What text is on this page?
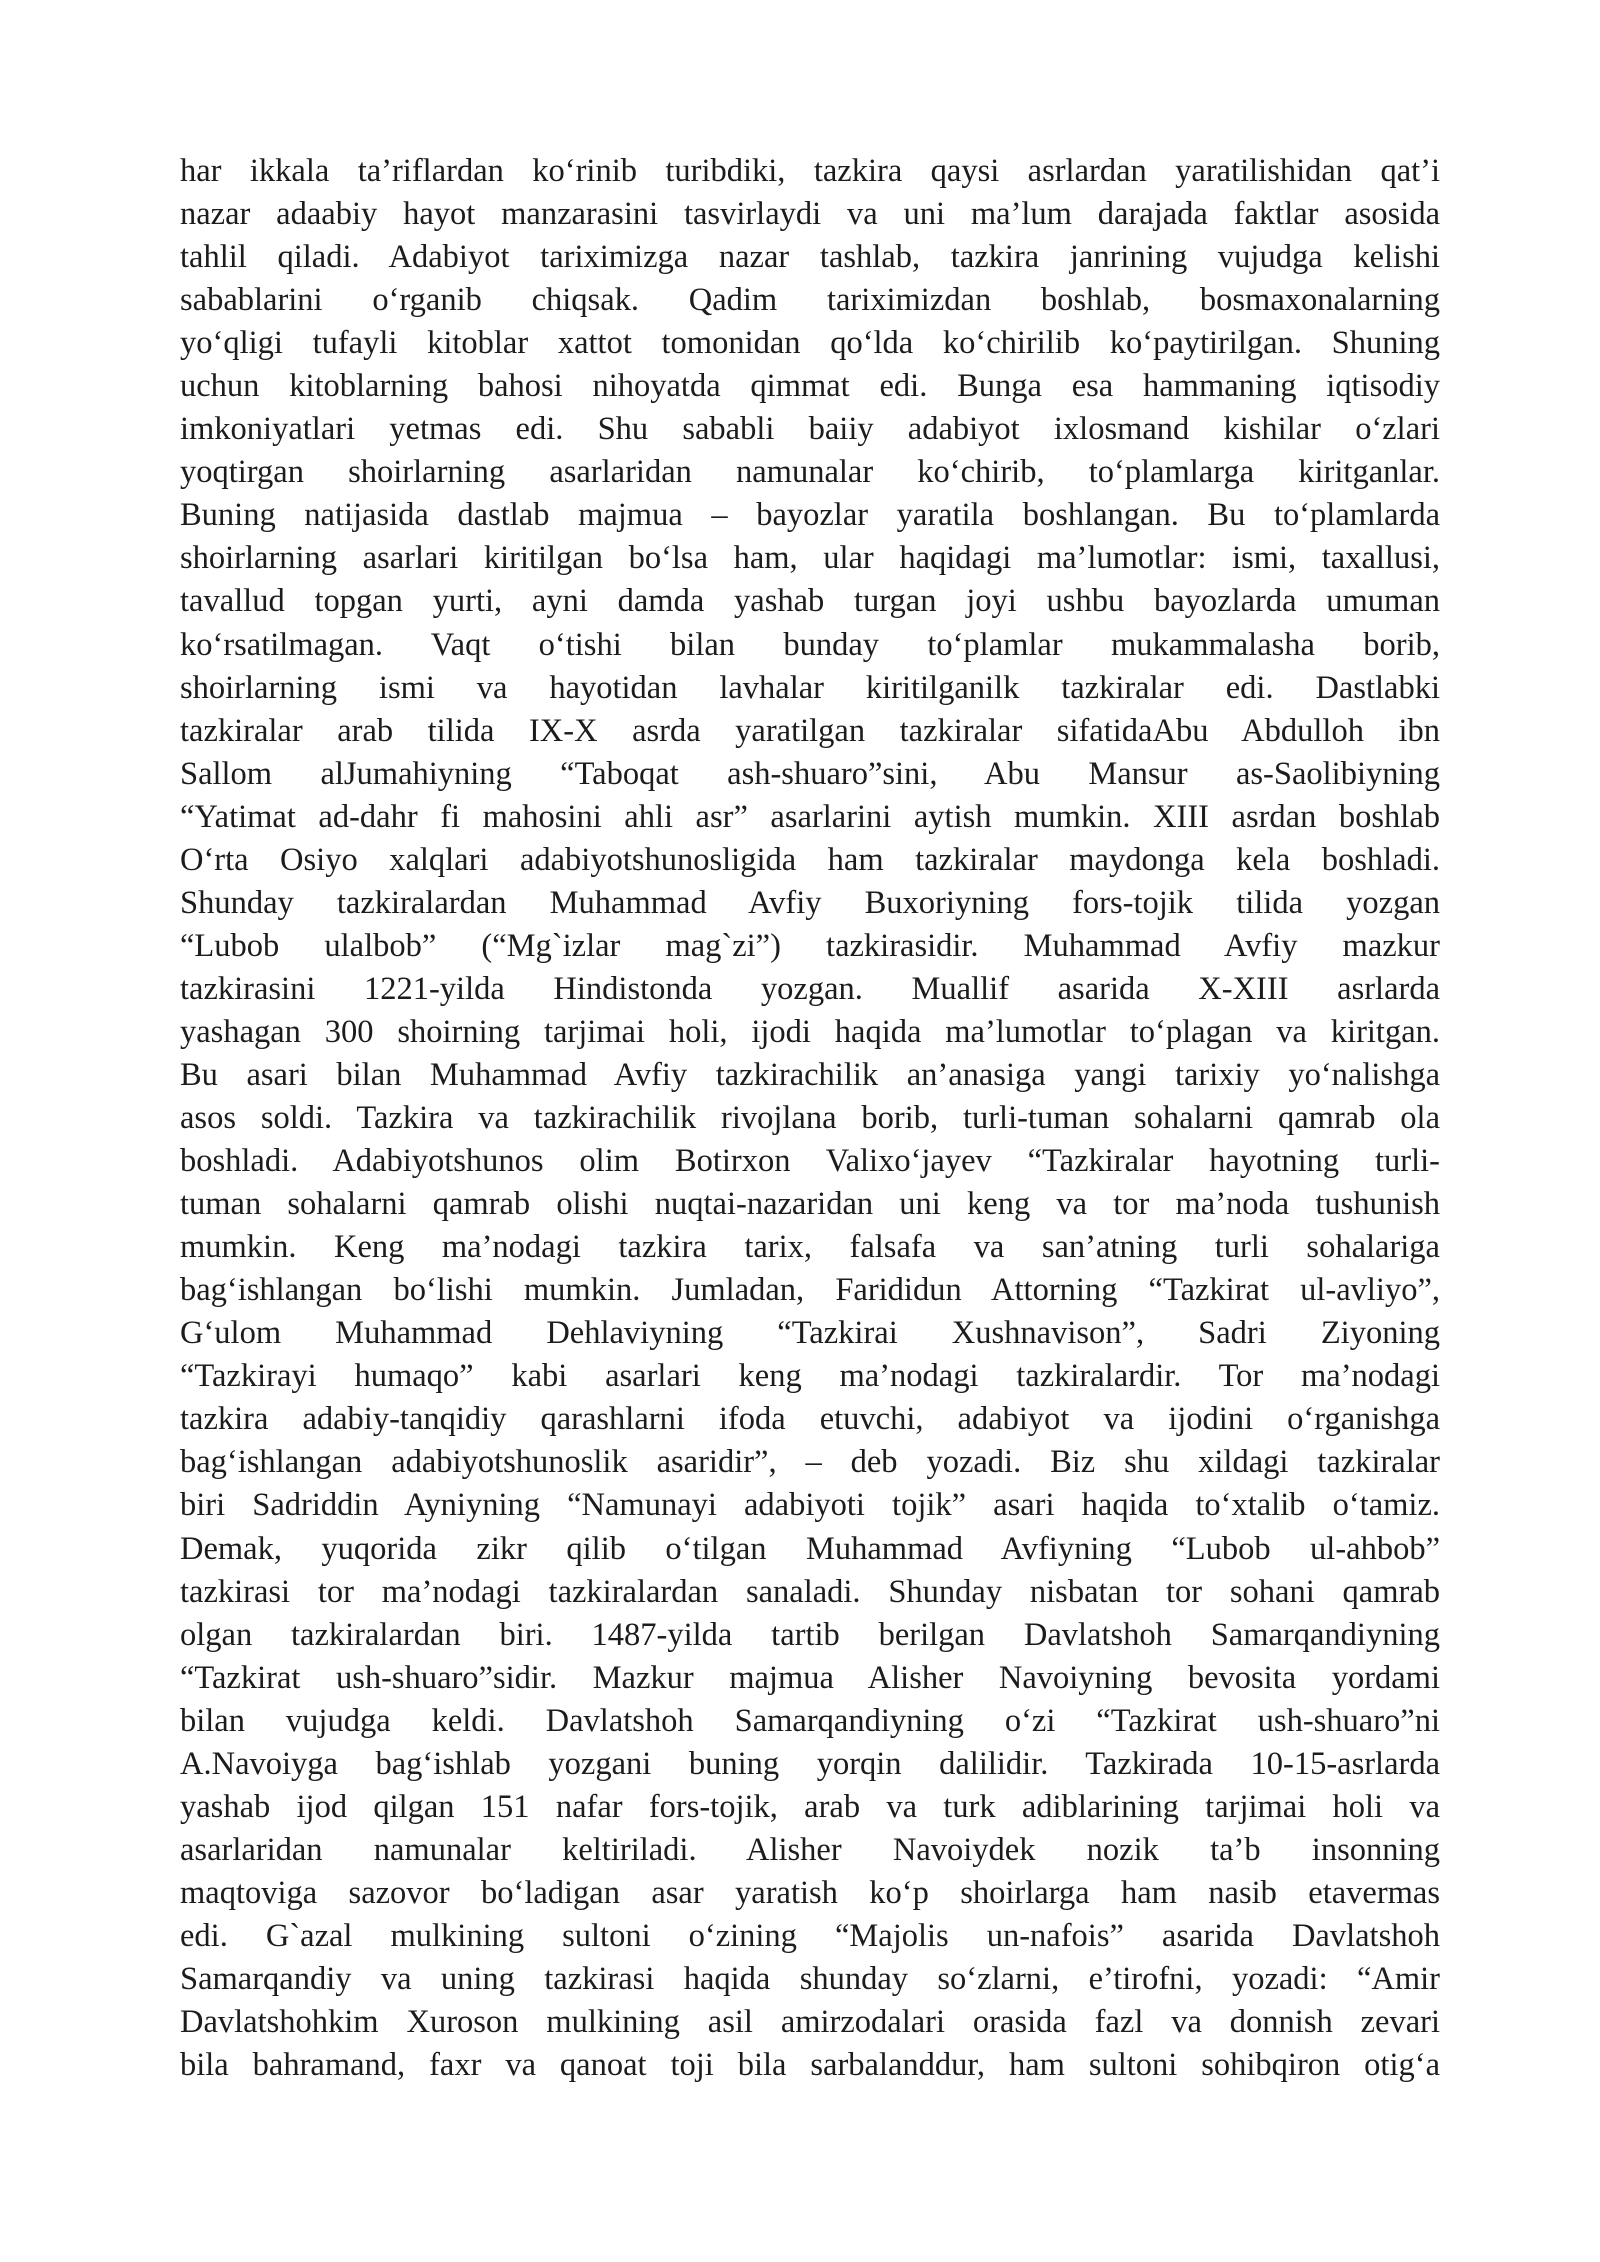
har ikkala ta’riflardan ko‘rinib turibdiki, tazkira qaysi asrlardan yaratilishidan qat’i
nazar adaabiy hayot manzarasini tasvirlaydi va uni ma’lum darajada faktlar asosida
tahlil qiladi. Adabiyot tariximizga nazar tashlab, tazkira janrining vujudga kelishi
sabablarini o‘rganib chiqsak. Qadim tariximizdan boshlab, bosmaxonalarning
yo‘qligi tufayli kitoblar xattot tomonidan qo‘lda ko‘chirilib ko‘paytirilgan. Shuning
uchun kitoblarning bahosi nihoyatda qimmat edi. Bunga esa hammaning iqtisodiy
imkoniyatlari yetmas edi. Shu sababli baiiy adabiyot ixlosmand kishilar o‘zlari
yoqtirgan shoirlarning asarlaridan namunalar ko‘chirib, to‘plamlarga kiritganlar.
Buning natijasida dastlab majmua – bayozlar yaratila boshlangan. Bu to‘plamlarda
shoirlarning asarlari kiritilgan bo‘lsa ham, ular haqidagi ma’lumotlar: ismi, taxallusi,
tavallud topgan yurti, ayni damda yashab turgan joyi ushbu bayozlarda umuman
ko‘rsatilmagan. Vaqt o‘tishi bilan bunday to‘plamlar mukammalasha borib,
shoirlarning ismi va hayotidan lavhalar kiritilganilk tazkiralar edi. Dastlabki
tazkiralar arab tilida IX-X asrda yaratilgan tazkiralar sifatidaAbu Abdulloh ibn
Sallom alJumahiyning “Taboqat ash-shuaro”sini, Abu Mansur as-Saolibiyning
“Yatimat ad-dahr fi mahosini ahli asr” asarlarini aytish mumkin. XIII asrdan boshlab
O‘rta Osiyo xalqlari adabiyotshunosligida ham tazkiralar maydonga kela boshladi.
Shunday tazkiralardan Muhammad Avfiy Buxoriyning fors-tojik tilida yozgan
“Lubob ulalbob” (“Mg`izlar mag`zi”) tazkirasidir. Muhammad Avfiy mazkur
tazkirasini 1221-yilda Hindistonda yozgan. Muallif asarida X-XIII asrlarda
yashagan 300 shoirning tarjimai holi, ijodi haqida ma’lumotlar to‘plagan va kiritgan.
Bu asari bilan Muhammad Avfiy tazkirachilik an’anasiga yangi tarixiy yo‘nalishga
asos soldi. Tazkira va tazkirachilik rivojlana borib, turli-tuman sohalarni qamrab ola
boshladi. Adabiyotshunos olim Botirxon Valixo‘jayev “Tazkiralar hayotning turli-
tuman sohalarni qamrab olishi nuqtai-nazaridan uni keng va tor ma’noda tushunish
mumkin. Keng ma’nodagi tazkira tarix, falsafa va san’atning turli sohalariga
bag‘ishlangan bo‘lishi mumkin. Jumladan, Farididun Attorning “Tazkirat ul-avliyo”,
G‘ulom Muhammad Dehlaviyning “Tazkirai Xushnavison”, Sadri Ziyoning
“Tazkirayi humaqo” kabi asarlari keng ma’nodagi tazkiralardir. Tor ma’nodagi
tazkira adabiy-tanqidiy qarashlarni ifoda etuvchi, adabiyot va ijodini o‘rganishga
bag‘ishlangan adabiyotshunoslik asaridir”, – deb yozadi. Biz shu xildagi tazkiralar
biri Sadriddin Ayniyning “Namunayi adabiyoti tojik” asari haqida to‘xtalib o‘tamiz.
Demak, yuqorida zikr qilib o‘tilgan Muhammad Avfiyning “Lubob ul-ahbob”
tazkirasi tor ma’nodagi tazkiralardan sanaladi. Shunday nisbatan tor sohani qamrab
olgan tazkiralardan biri. 1487-yilda tartib berilgan Davlatshoh Samarqandiyning
“Tazkirat ush-shuaro”sidir. Mazkur majmua Alisher Navoiyning bevosita yordami
bilan vujudga keldi. Davlatshoh Samarqandiyning o‘zi “Tazkirat ush-shuaro”ni
A.Navoiyga bag‘ishlab yozgani buning yorqin dalilidir. Tazkirada 10-15-asrlarda
yashab ijod qilgan 151 nafar fors-tojik, arab va turk adiblarining tarjimai holi va
asarlaridan namunalar keltiriladi. Alisher Navoiydek nozik ta’b insonning
maqtoviga sazovor bo‘ladigan asar yaratish ko‘p shoirlarga ham nasib etavermas
edi. G`azal mulkining sultoni o‘zining “Majolis un-nafois” asarida Davlatshoh
Samarqandiy va uning tazkirasi haqida shunday so‘zlarni, e’tirofni, yozadi: “Amir
Davlatshohkim Xuroson mulkining asil amirzodalari orasida fazl va donnish zevari
bila bahramand, faxr va qanoat toji bila sarbalanddur, ham sultoni sohibqiron otig‘a
